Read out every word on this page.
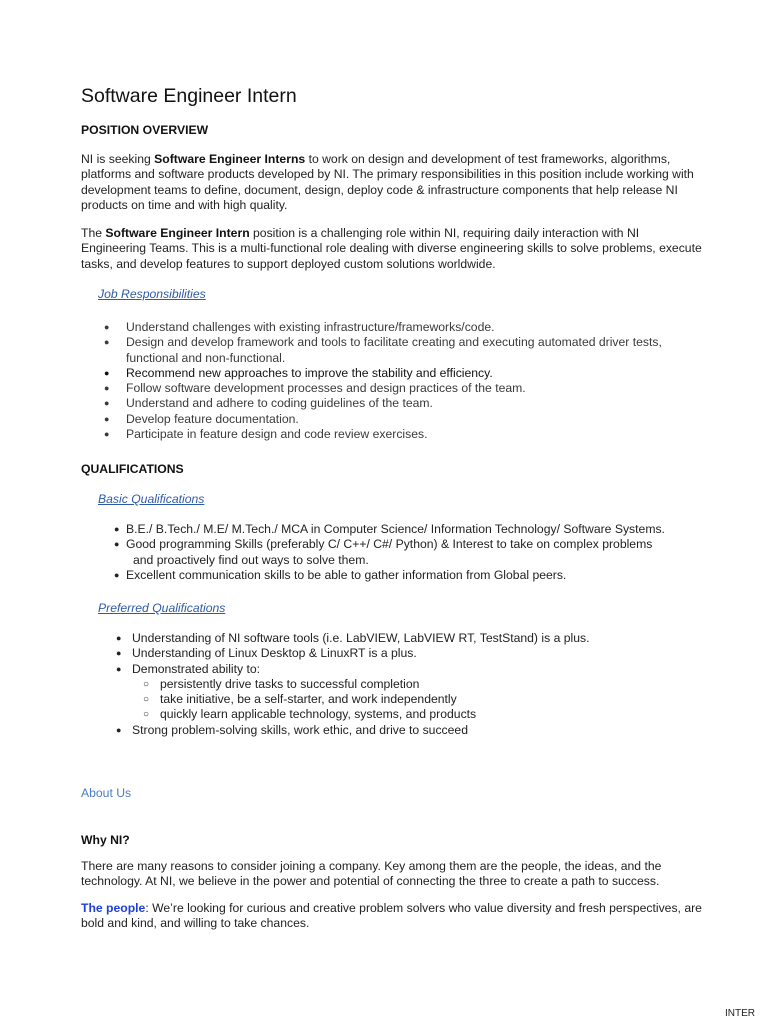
Software Engineer Intern
POSITION OVERVIEW
NI is seeking Software Engineer Interns to work on design and development of test frameworks, algorithms, platforms and software products developed by NI. The primary responsibilities in this position include working with development teams to define, document, design, deploy code & infrastructure components that help release NI products on time and with high quality.
The Software Engineer Intern position is a challenging role within NI, requiring daily interaction with NI Engineering Teams. This is a multi-functional role dealing with diverse engineering skills to solve problems, execute tasks, and develop features to support deployed custom solutions worldwide.
Job Responsibilities
● Understand challenges with existing infrastructure/frameworks/code.
● Design and develop framework and tools to facilitate creating and executing automated driver tests, functional and non-functional.
● Recommend new approaches to improve the stability and efficiency.
● Follow software development processes and design practices of the team.
● Understand and adhere to coding guidelines of the team.
● Develop feature documentation.
● Participate in feature design and code review exercises.
QUALIFICATIONS
Basic Qualifications
● B.E./ B.Tech./ M.E/ M.Tech./ MCA in Computer Science/ Information Technology/ Software Systems.
● Good programming Skills (preferably C/ C++/ C#/ Python) & Interest to take on complex problems
and proactively find out ways to solve them.
● Excellent communication skills to be able to gather information from Global peers.
Preferred Qualifications
● Understanding of NI software tools (i.e. LabVIEW, LabVIEW RT, TestStand) is a plus.
● Understanding of Linux Desktop & LinuxRT is a plus.
● Demonstrated ability to:
○ persistently drive tasks to successful completion
○ take initiative, be a self-starter, and work independently
○ quickly learn applicable technology, systems, and products
● Strong problem-solving skills, work ethic, and drive to succeed
About Us
Why NI?
There are many reasons to consider joining a company. Key among them are the people, the ideas, and the technology. At NI, we believe in the power and potential of connecting the three to create a path to success.
The people: We’re looking for curious and creative problem solvers who value diversity and fresh perspectives, are bold and kind, and willing to take chances.
INTER
